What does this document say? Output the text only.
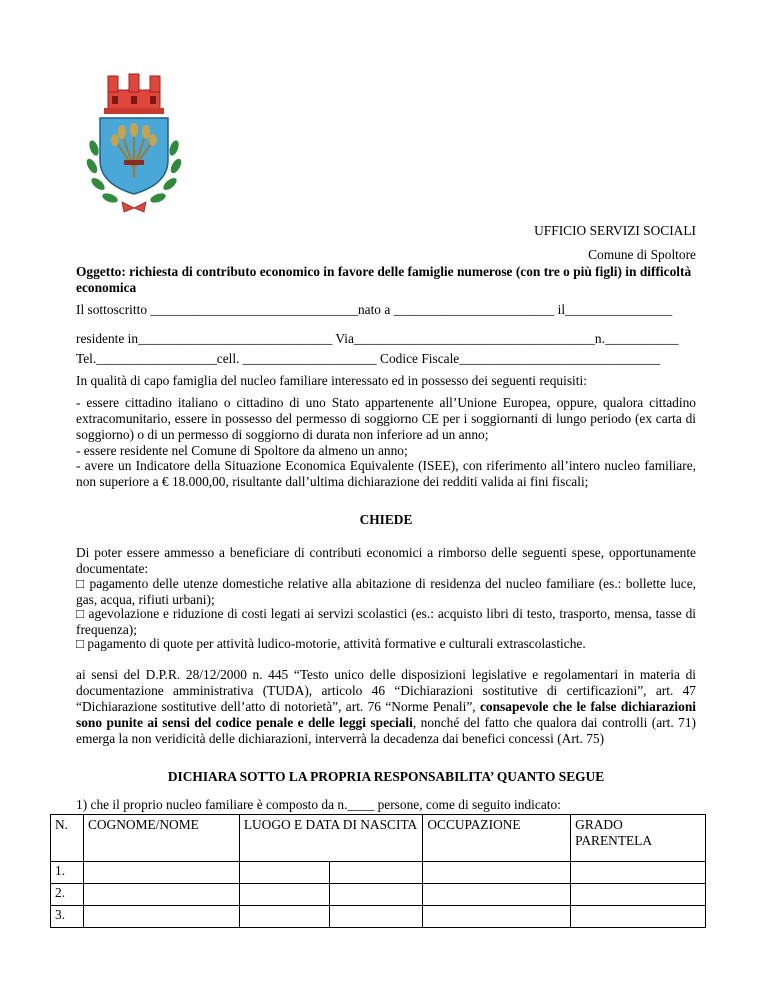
UFFICIO SERVIZI SOCIALI
Comune di Spoltore
Oggetto: richiesta di contributo economico in favore delle famiglie numerose (con tre o più figli) in difficoltà economica
Il sottoscritto _______________________________nato a ________________________ il________________
residente in_____________________________ Via____________________________________n.___________
Tel.__________________cell. ____________________ Codice Fiscale______________________________
In qualità di capo famiglia del nucleo familiare interessato ed in possesso dei seguenti requisiti:
- essere cittadino italiano o cittadino di uno Stato appartenente all’Unione Europea, oppure, qualora cittadino extracomunitario, essere in possesso del permesso di soggiorno CE per i soggiornanti di lungo periodo (ex carta di soggiorno) o di un permesso di soggiorno di durata non inferiore ad un anno;
- essere residente nel Comune di Spoltore da almeno un anno;
- avere un Indicatore della Situazione Economica Equivalente (ISEE), con riferimento all’intero nucleo familiare, non superiore a € 18.000,00, risultante dall’ultima dichiarazione dei redditi valida ai fini fiscali;
CHIEDE
Di poter essere ammesso a beneficiare di contributi economici a rimborso delle seguenti spese, opportunamente documentate:
□ pagamento delle utenze domestiche relative alla abitazione di residenza del nucleo familiare (es.: bollette luce, gas, acqua, rifiuti urbani);
□ agevolazione e riduzione di costi legati ai servizi scolastici (es.: acquisto libri di testo, trasporto, mensa, tasse di frequenza);
□ pagamento di quote per attività ludico-motorie, attività formative e culturali extrascolastiche.
ai sensi del D.P.R. 28/12/2000 n. 445 “Testo unico delle disposizioni legislative e regolamentari in materia di documentazione amministrativa (TUDA), articolo 46 “Dichiarazioni sostitutive di certificazioni”, art. 47 “Dichiarazione sostitutive dell’atto di notorietà”, art. 76 “Norme Penali”, consapevole che le false dichiarazioni sono punite ai sensi del codice penale e delle leggi speciali, nonché del fatto che qualora dai controlli (art. 71) emerga la non veridicità delle dichiarazioni, interverrà la decadenza dai benefici concessi (Art. 75)
DICHIARA SOTTO LA PROPRIA RESPONSABILITA’ QUANTO SEGUE
1) che il proprio nucleo familiare è composto da n.____ persone, come di seguito indicato:
N.	COGNOME/NOME	LUOGO E DATA DI NASCITA		OCCUPAZIONE	GRADO PARENTELA
1.					
2.					
3.					
